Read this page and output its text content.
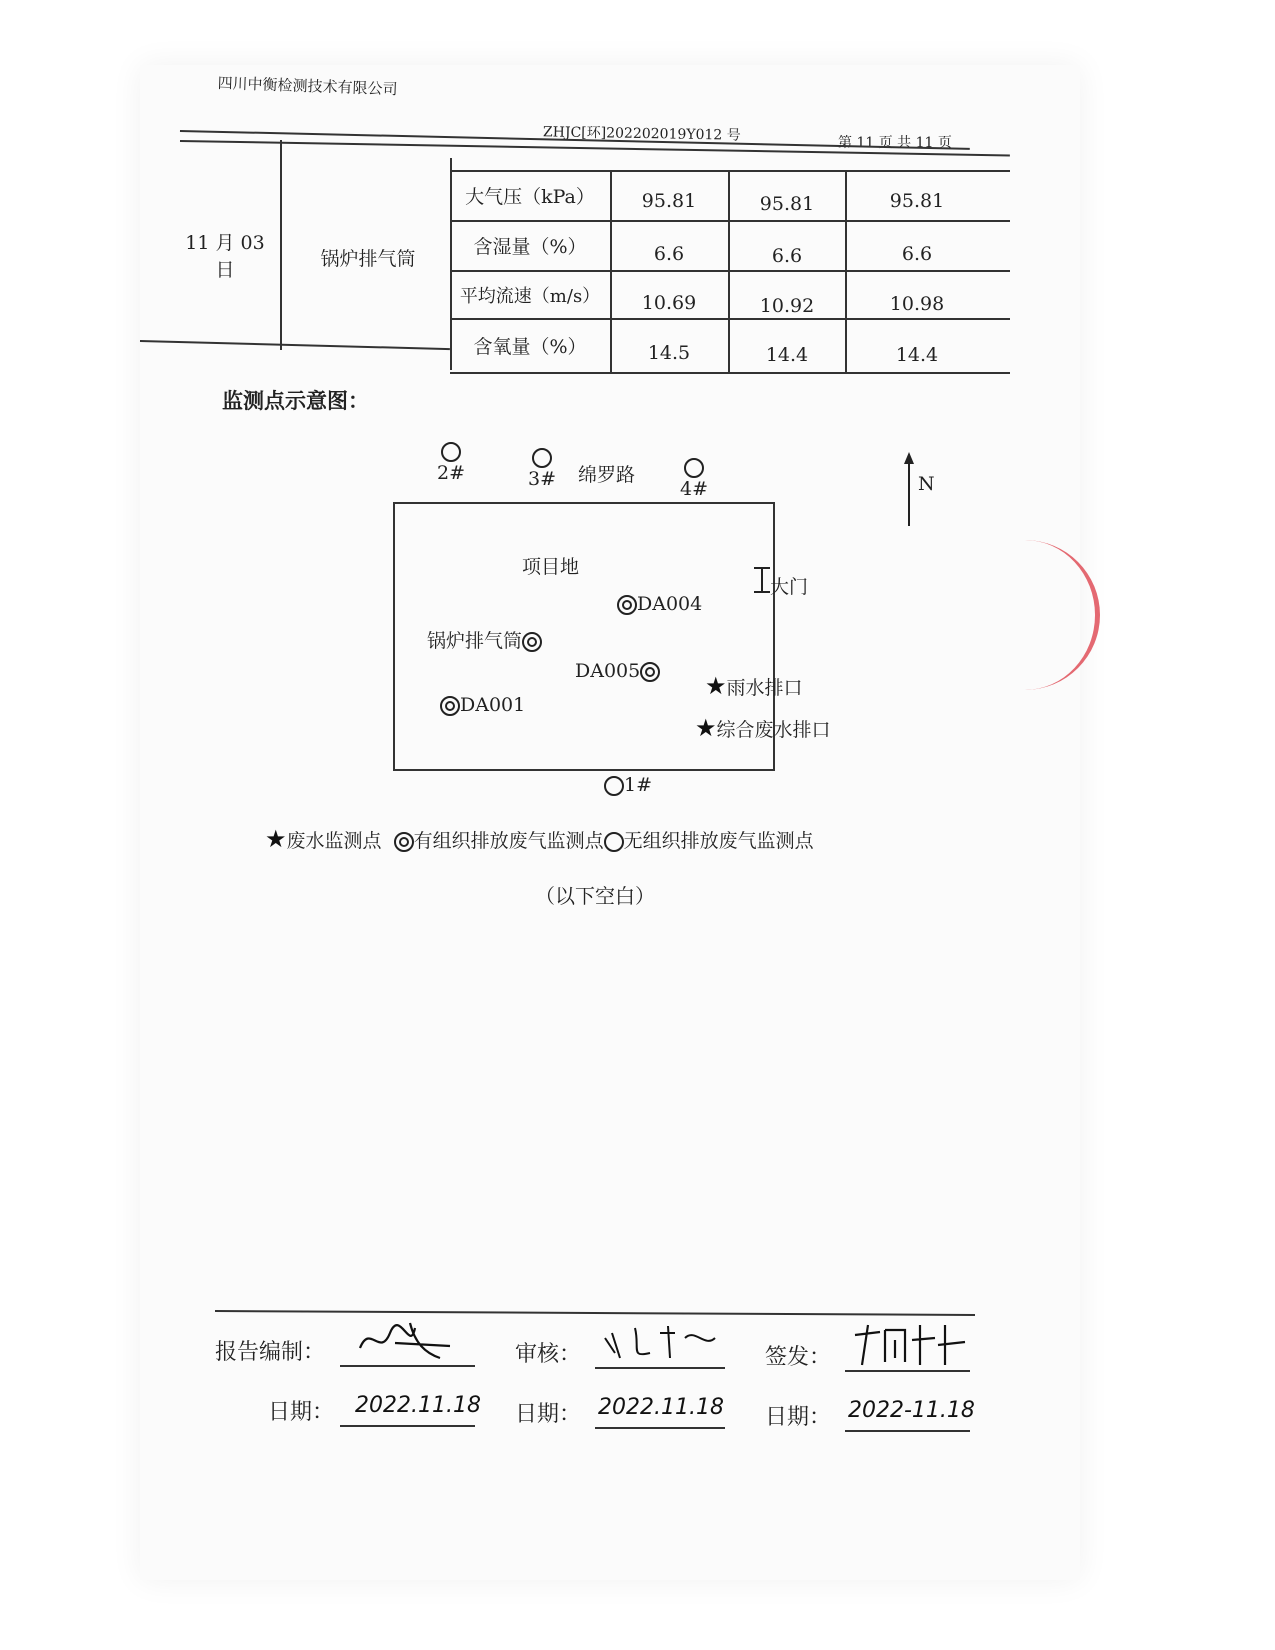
四川中衡检测技术有限公司
ZHJC[环]202202019Y012 号	第 11 页 共 11 页
11 月 03 日	锅炉排气筒
大气压（kPa）	95.81	95.81	95.81
含湿量（%）	6.6	6.6	6.6
平均流速（m/s）	10.69	10.92	10.98
含氧量（%）	14.5	14.4	14.4
监测点示意图：

2#	3# 绵罗路

4#	N
项目地
DA004
锅炉排气筒
DA005
DA001
大门
★雨水排口
★综合废水排口
1#
★废水监测点 有组织排放废气监测点 无组织排放废气监测点
（以下空白）
报告编制：	审核：	签发：
日期： 2022.11.18 日期： 2022.11.18 日期： 2022-11.18
